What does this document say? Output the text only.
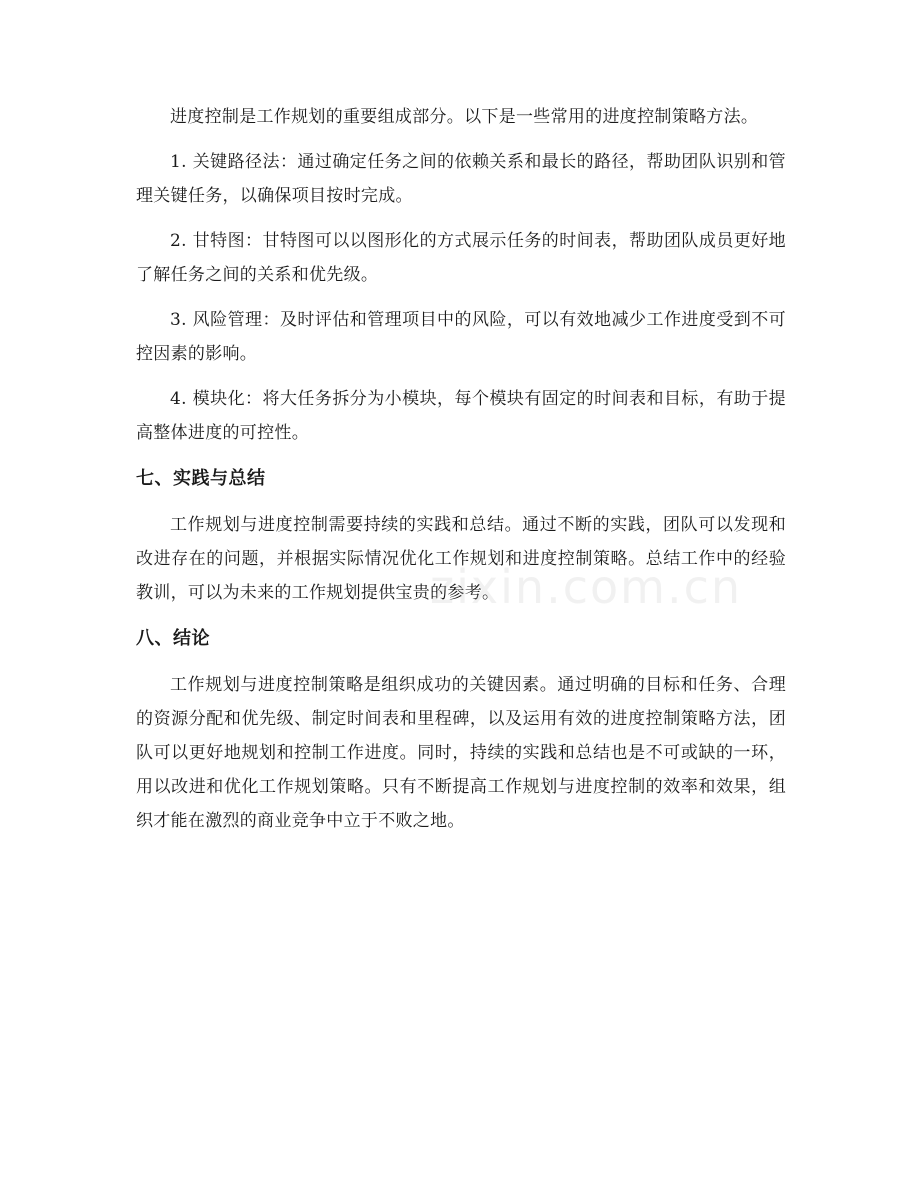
进度控制是工作规划的重要组成部分。以下是一些常用的进度控制策略方法。

1. 关键路径法：通过确定任务之间的依赖关系和最长的路径，帮助团队识别和管理关键任务，以确保项目按时完成。

2. 甘特图：甘特图可以以图形化的方式展示任务的时间表，帮助团队成员更好地了解任务之间的关系和优先级。

3. 风险管理：及时评估和管理项目中的风险，可以有效地减少工作进度受到不可控因素的影响。

4. 模块化：将大任务拆分为小模块，每个模块有固定的时间表和目标，有助于提高整体进度的可控性。

七、实践与总结

工作规划与进度控制需要持续的实践和总结。通过不断的实践，团队可以发现和改进存在的问题，并根据实际情况优化工作规划和进度控制策略。总结工作中的经验教训，可以为未来的工作规划提供宝贵的参考。

八、结论

工作规划与进度控制策略是组织成功的关键因素。通过明确的目标和任务、合理的资源分配和优先级、制定时间表和里程碑，以及运用有效的进度控制策略方法，团队可以更好地规划和控制工作进度。同时，持续的实践和总结也是不可或缺的一环，用以改进和优化工作规划策略。只有不断提高工作规划与进度控制的效率和效果，组织才能在激烈的商业竞争中立于不败之地。

zixin.com.cn
